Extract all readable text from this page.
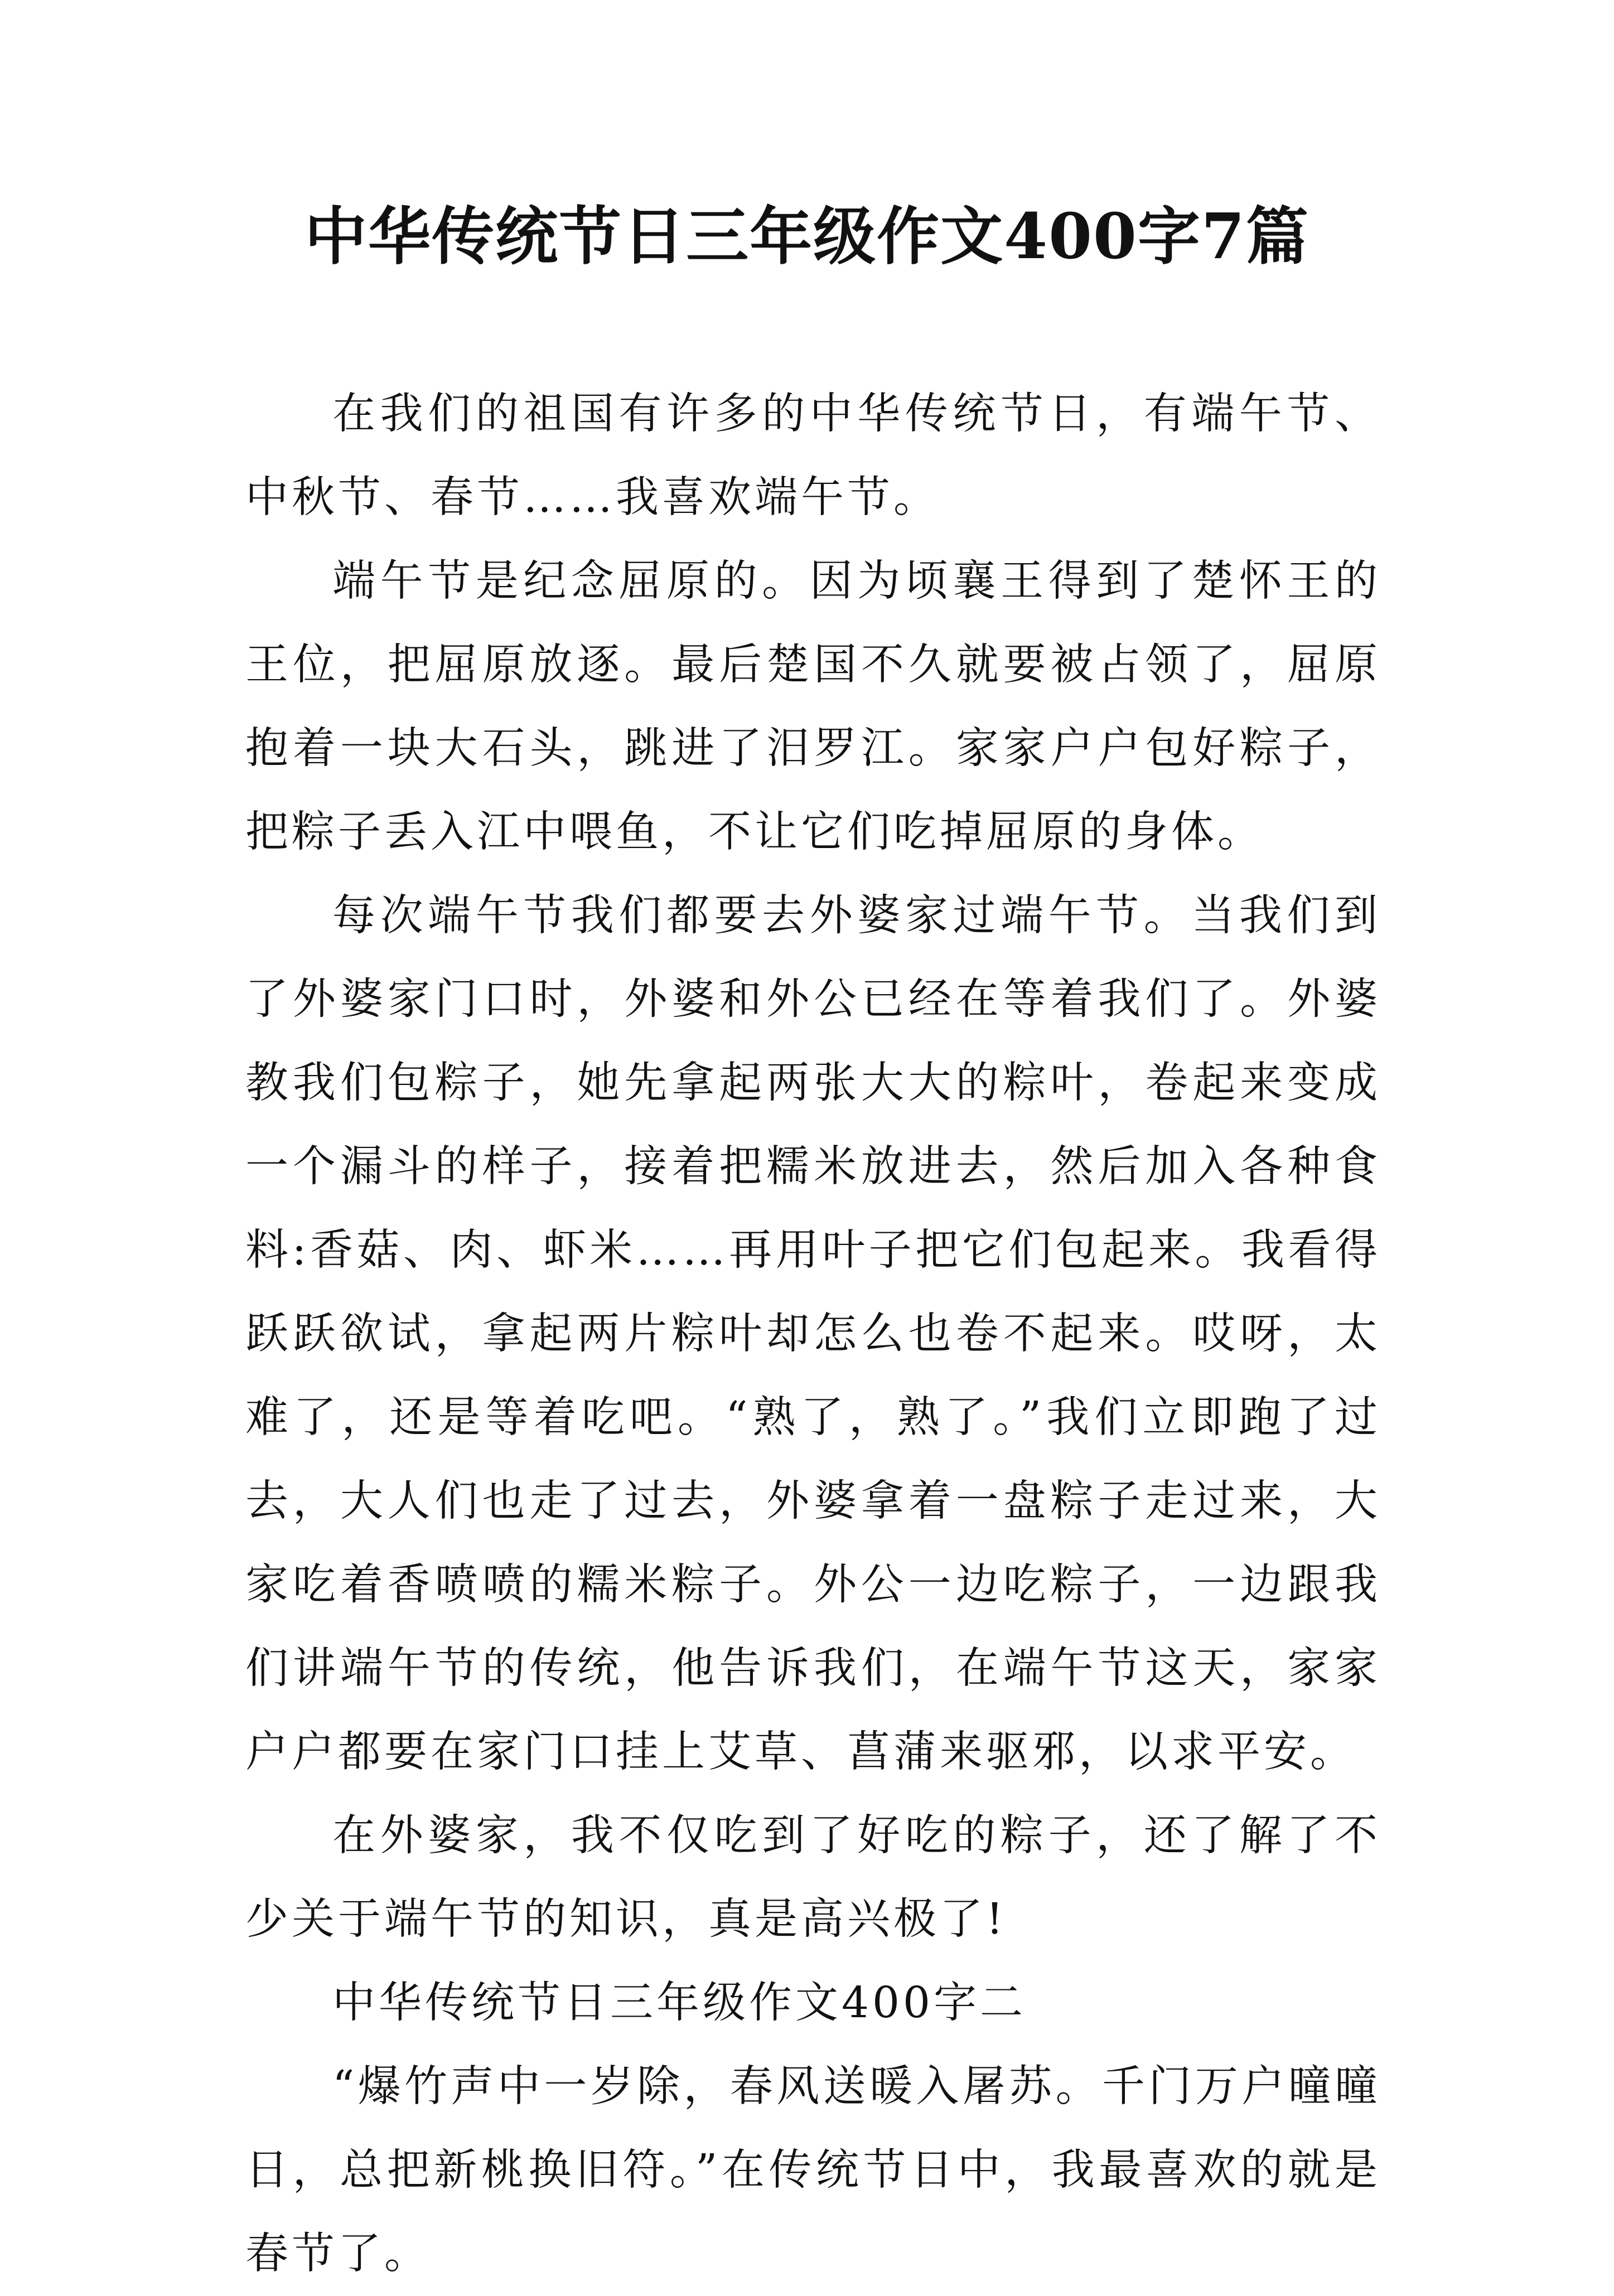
中华传统节日三年级作文400字7篇

在我们的祖国有许多的中华传统节日，有端午节、中秋节、春节……我喜欢端午节。

端午节是纪念屈原的。因为顷襄王得到了楚怀王的王位，把屈原放逐。最后楚国不久就要被占领了，屈原抱着一块大石头，跳进了汨罗江。家家户户包好粽子，把粽子丢入江中喂鱼，不让它们吃掉屈原的身体。

每次端午节我们都要去外婆家过端午节。当我们到了外婆家门口时，外婆和外公已经在等着我们了。外婆教我们包粽子，她先拿起两张大大的粽叶，卷起来变成一个漏斗的样子，接着把糯米放进去，然后加入各种食料:香菇、肉、虾米……再用叶子把它们包起来。我看得跃跃欲试，拿起两片粽叶却怎么也卷不起来。哎呀，太难了，还是等着吃吧。“熟了，熟了。”我们立即跑了过去，大人们也走了过去，外婆拿着一盘粽子走过来，大家吃着香喷喷的糯米粽子。外公一边吃粽子，一边跟我们讲端午节的传统，他告诉我们，在端午节这天，家家户户都要在家门口挂上艾草、菖蒲来驱邪，以求平安。

在外婆家，我不仅吃到了好吃的粽子，还了解了不少关于端午节的知识，真是高兴极了!

中华传统节日三年级作文400字二

“爆竹声中一岁除，春风送暖入屠苏。千门万户曈曈日，总把新桃换旧符。”在传统节日中，我最喜欢的就是春节了。
